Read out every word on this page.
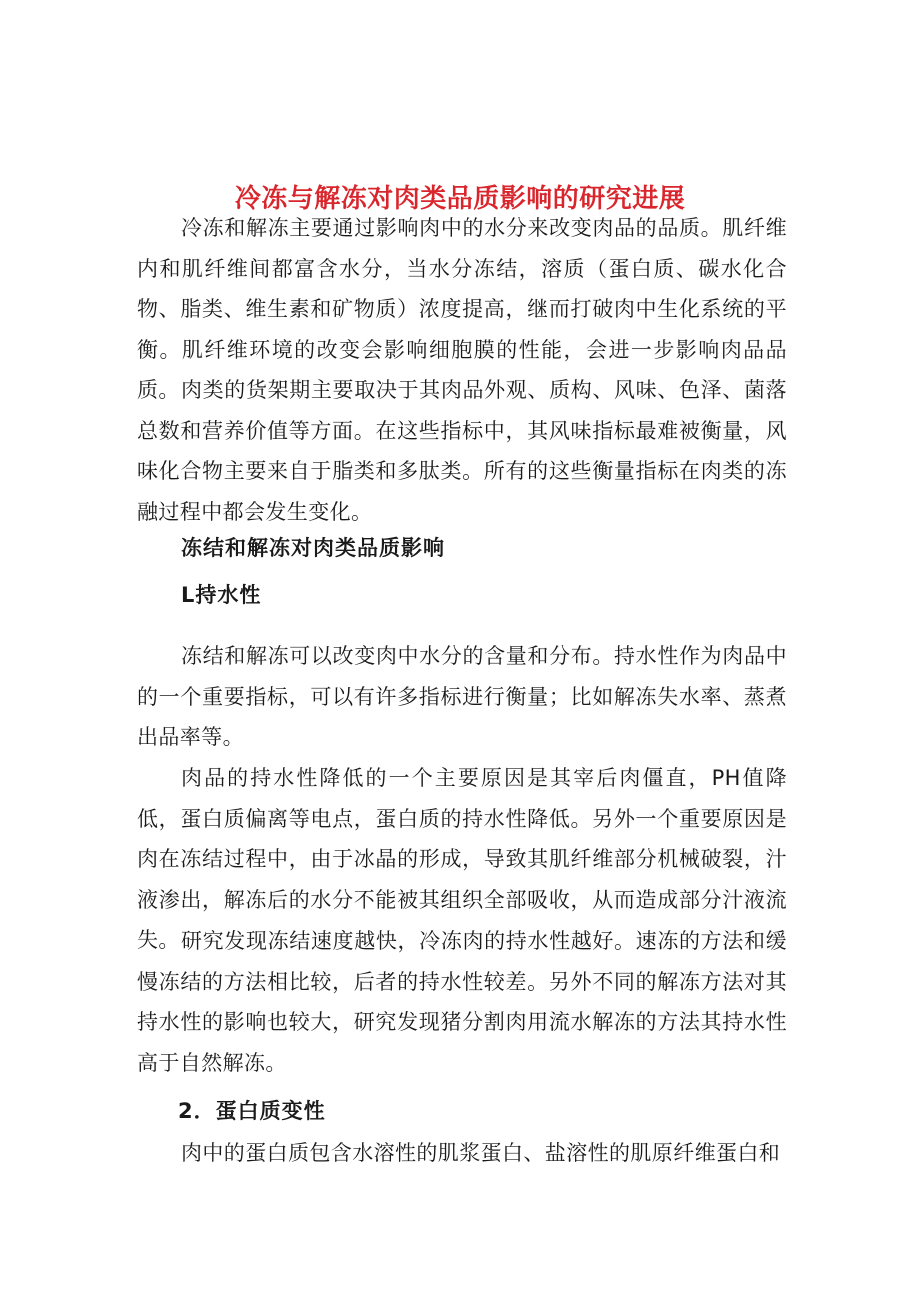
冷冻与解冻对肉类品质影响的研究进展

冷冻和解冻主要通过影响肉中的水分来改变肉品的品质。肌纤维内和肌纤维间都富含水分，当水分冻结，溶质（蛋白质、碳水化合物、脂类、维生素和矿物质）浓度提高，继而打破肉中生化系统的平衡。肌纤维环境的改变会影响细胞膜的性能，会进一步影响肉品品质。 肉类的货架期主要取决于其肉品外观、质构、风味、色泽、菌落总数和营养价值等方面。在这些指标中，其风味指标最难被衡量，风味化合物主要来自于脂类和多肽类。所有的这些衡量指标在肉类的冻融过程中都会发生变化。

冻结和解冻对肉类品质影响
L持水性

冻结和解冻可以改变肉中水分的含量和分布。持水性作为肉品中的一个重要指标，可以有许多指标进行衡量；比如解冻失水率、蒸煮出品率等。

肉品的持水性降低的一个主要原因是其宰后肉僵直，PH值降低，蛋白质偏离等电点，蛋白质的持水性降低。另外一个重要原因是肉在冻结过程中，由于冰晶的形成，导致其肌纤维部分机械破裂，汁液渗出，解冻后的水分不能被其组织全部吸收，从而造成部分汁液流失。 研究发现冻结速度越快，冷冻肉的持水性越好。速冻的方法和缓慢冻结的方法相比较，后者的持水性较差。另外不同的解冻方法对其持水性的影响也较大，研究发现猪分割肉用流水解冻的方法其持水性高于自然解冻。

2．蛋白质变性

肉中的蛋白质包含水溶性的肌浆蛋白、盐溶性的肌原纤维蛋白和
